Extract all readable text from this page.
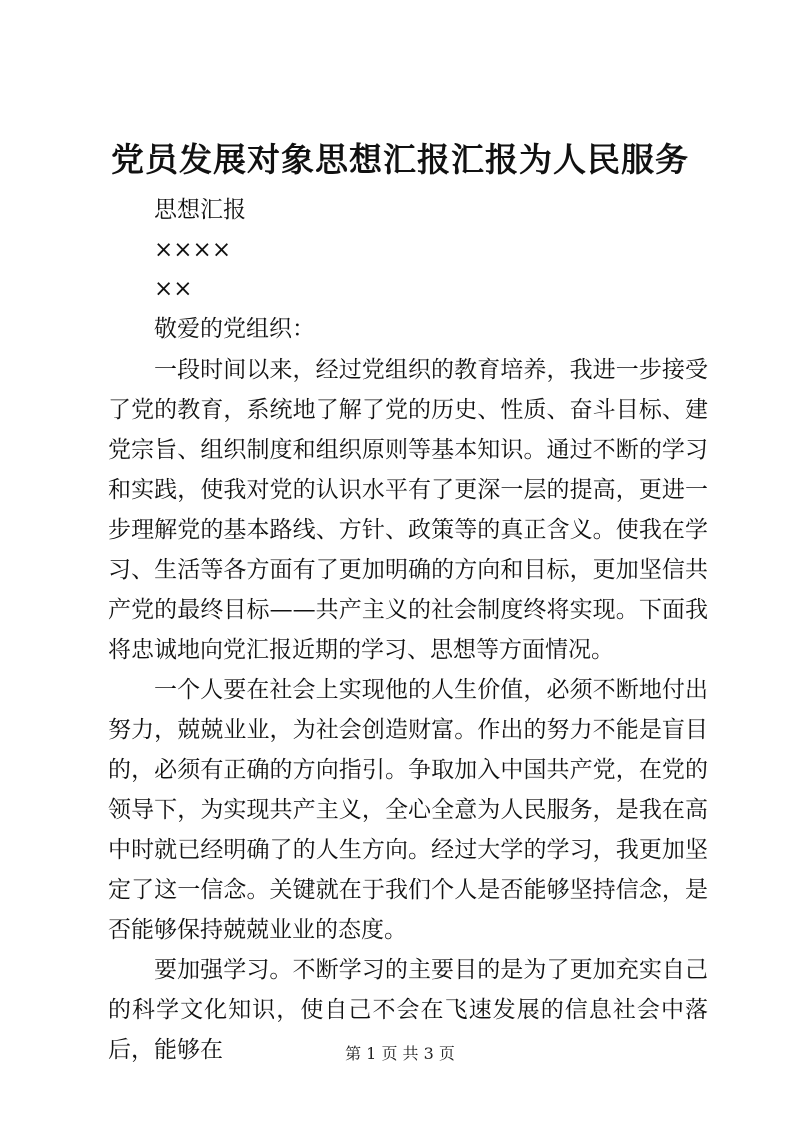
党员发展对象思想汇报汇报为人民服务
思想汇报
××××
××
敬爱的党组织：

一段时间以来，经过党组织的教育培养，我进一步接受了党的教育，系统地了解了党的历史、性质、奋斗目标、建党宗旨、组织制度和组织原则等基本知识。通过不断的学习和实践，使我对党的认识水平有了更深一层的提高，更进一步理解党的基本路线、方针、政策等的真正含义。使我在学习、生活等各方面有了更加明确的方向和目标，更加坚信共产党的最终目标——共产主义的社会制度终将实现。下面我将忠诚地向党汇报近期的学习、思想等方面情况。

一个人要在社会上实现他的人生价值，必须不断地付出努力，兢兢业业，为社会创造财富。作出的努力不能是盲目的，必须有正确的方向指引。争取加入中国共产党，在党的领导下，为实现共产主义，全心全意为人民服务，是我在高中时就已经明确了的人生方向。经过大学的学习，我更加坚定了这一信念。关键就在于我们个人是否能够坚持信念，是否能够保持兢兢业业的态度。

要加强学习。不断学习的主要目的是为了更加充实自己的科学文化知识，使自己不会在飞速发展的信息社会中落后，能够在	第 1 页 共 3 页
